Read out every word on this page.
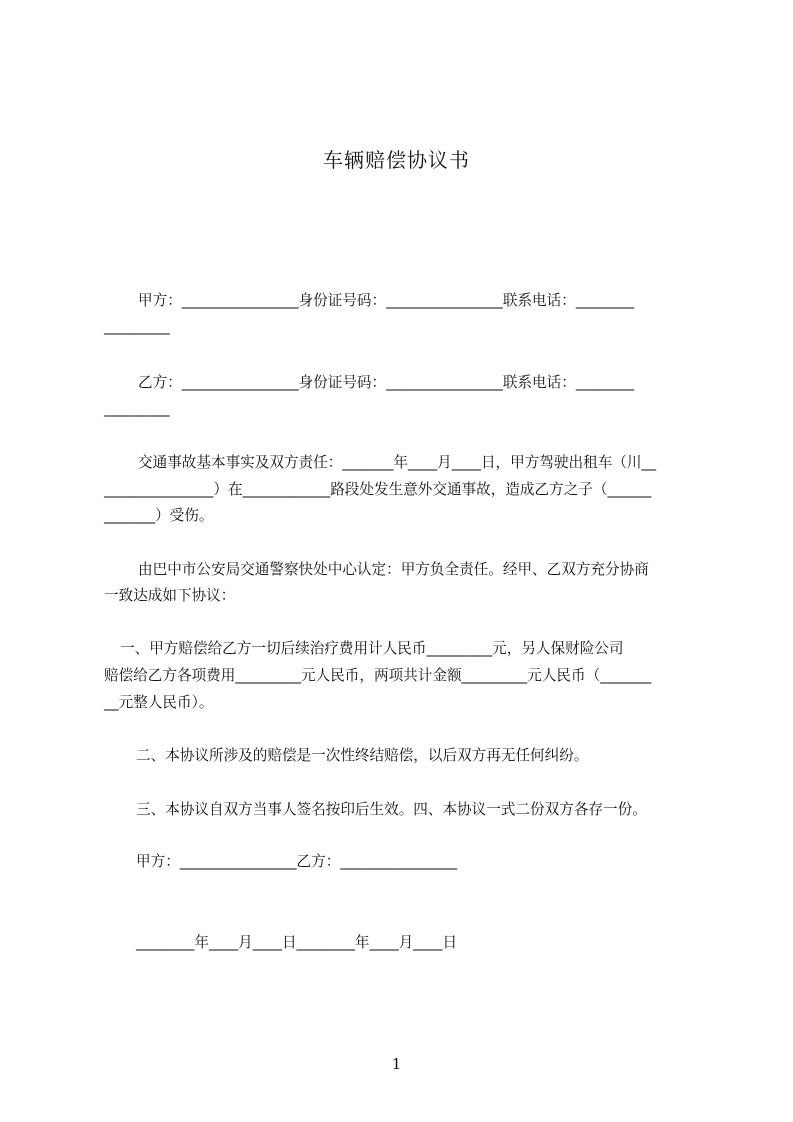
车辆赔偿协议书
甲方：________________身份证号码：________________联系电话：________
_________
乙方：________________身份证号码：________________联系电话：________
_________
交通事故基本事实及双方责任：_______年____月____日，甲方驾驶出租车（川__
_______________）在____________路段处发生意外交通事故，造成乙方之子（______
_______）受伤。
由巴中市公安局交通警察快处中心认定：甲方负全责任。经甲、乙双方充分协商
一致达成如下协议：
一、甲方赔偿给乙方一切后续治疗费用计人民币_________元，另人保财险公司
赔偿给乙方各项费用_________元人民币，两项共计金额_________元人民币（_______
__元整人民币）。
二、本协议所涉及的赔偿是一次性终结赔偿，以后双方再无任何纠纷。
三、本协议自双方当事人签名按印后生效。四、本协议一式二份双方各存一份。
甲方：________________乙方：________________
________年____月____日________年____月____日
1
